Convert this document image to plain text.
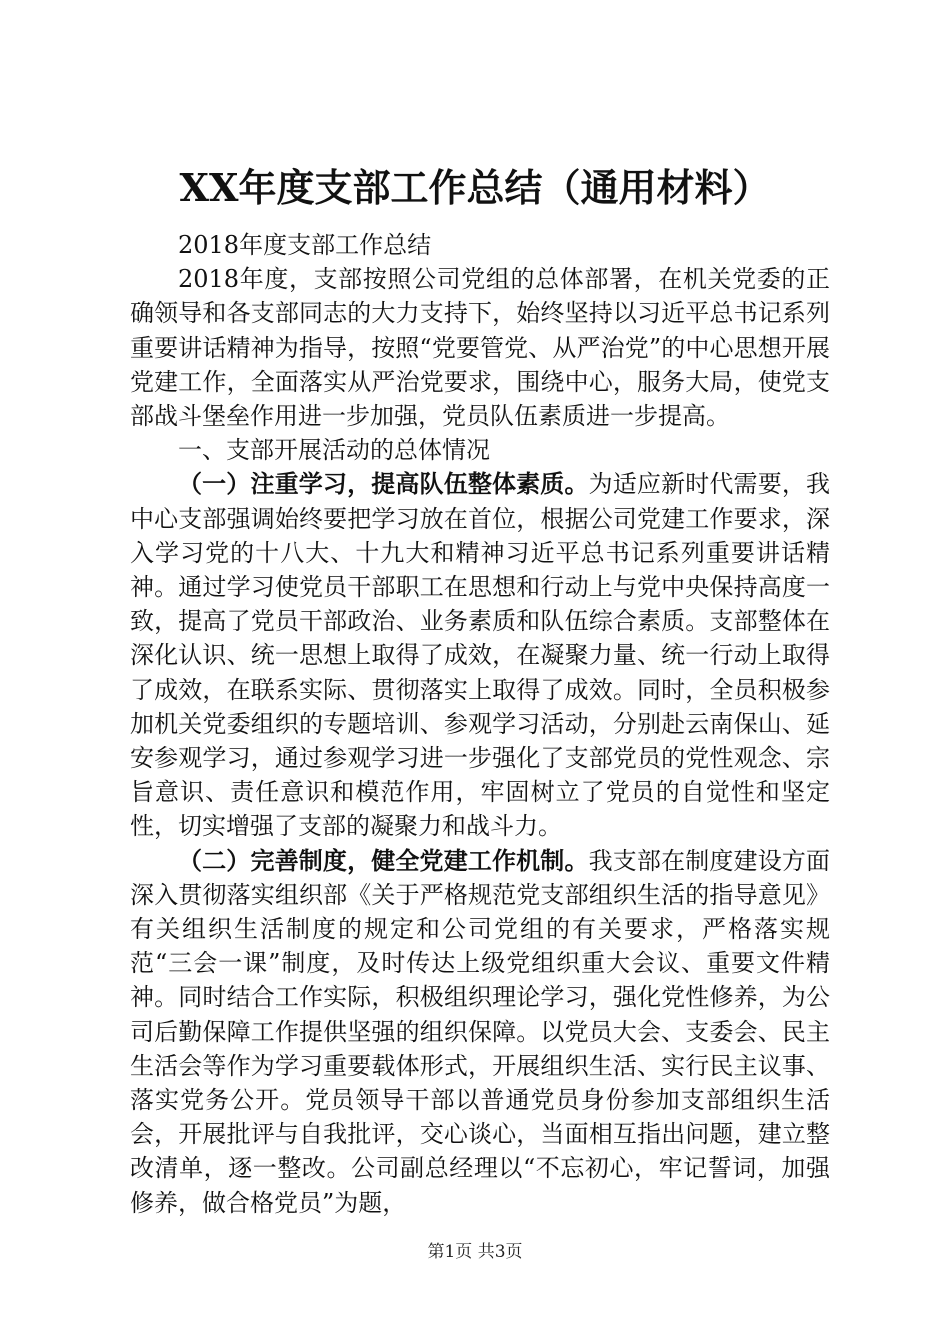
XX年度支部工作总结（通用材料）

2018年度支部工作总结

2018年度，支部按照公司党组的总体部署，在机关党委的正确领导和各支部同志的大力支持下，始终坚持以习近平总书记系列重要讲话精神为指导，按照“党要管党、从严治党”的中心思想开展党建工作，全面落实从严治党要求，围绕中心，服务大局，使党支部战斗堡垒作用进一步加强，党员队伍素质进一步提高。

一、支部开展活动的总体情况

（一）注重学习，提高队伍整体素质。为适应新时代需要，我中心支部强调始终要把学习放在首位，根据公司党建工作要求，深入学习党的十八大、十九大和精神习近平总书记系列重要讲话精神。通过学习使党员干部职工在思想和行动上与党中央保持高度一致，提高了党员干部政治、业务素质和队伍综合素质。支部整体在深化认识、统一思想上取得了成效，在凝聚力量、统一行动上取得了成效，在联系实际、贯彻落实上取得了成效。同时，全员积极参加机关党委组织的专题培训、参观学习活动，分别赴云南保山、延安参观学习，通过参观学习进一步强化了支部党员的党性观念、宗旨意识、责任意识和模范作用，牢固树立了党员的自觉性和坚定性，切实增强了支部的凝聚力和战斗力。

（二）完善制度，健全党建工作机制。我支部在制度建设方面深入贯彻落实组织部《关于严格规范党支部组织生活的指导意见》有关组织生活制度的规定和公司党组的有关要求，严格落实规范“三会一课”制度，及时传达上级党组织重大会议、重要文件精神。同时结合工作实际，积极组织理论学习，强化党性修养，为公司后勤保障工作提供坚强的组织保障。以党员大会、支委会、民主生活会等作为学习重要载体形式，开展组织生活、实行民主议事、落实党务公开。党员领导干部以普通党员身份参加支部组织生活会，开展批评与自我批评，交心谈心，当面相互指出问题，建立整改清单，逐一整改。公司副总经理以“不忘初心，牢记誓词，加强修养，做合格党员”为题，

第1页 共3页
